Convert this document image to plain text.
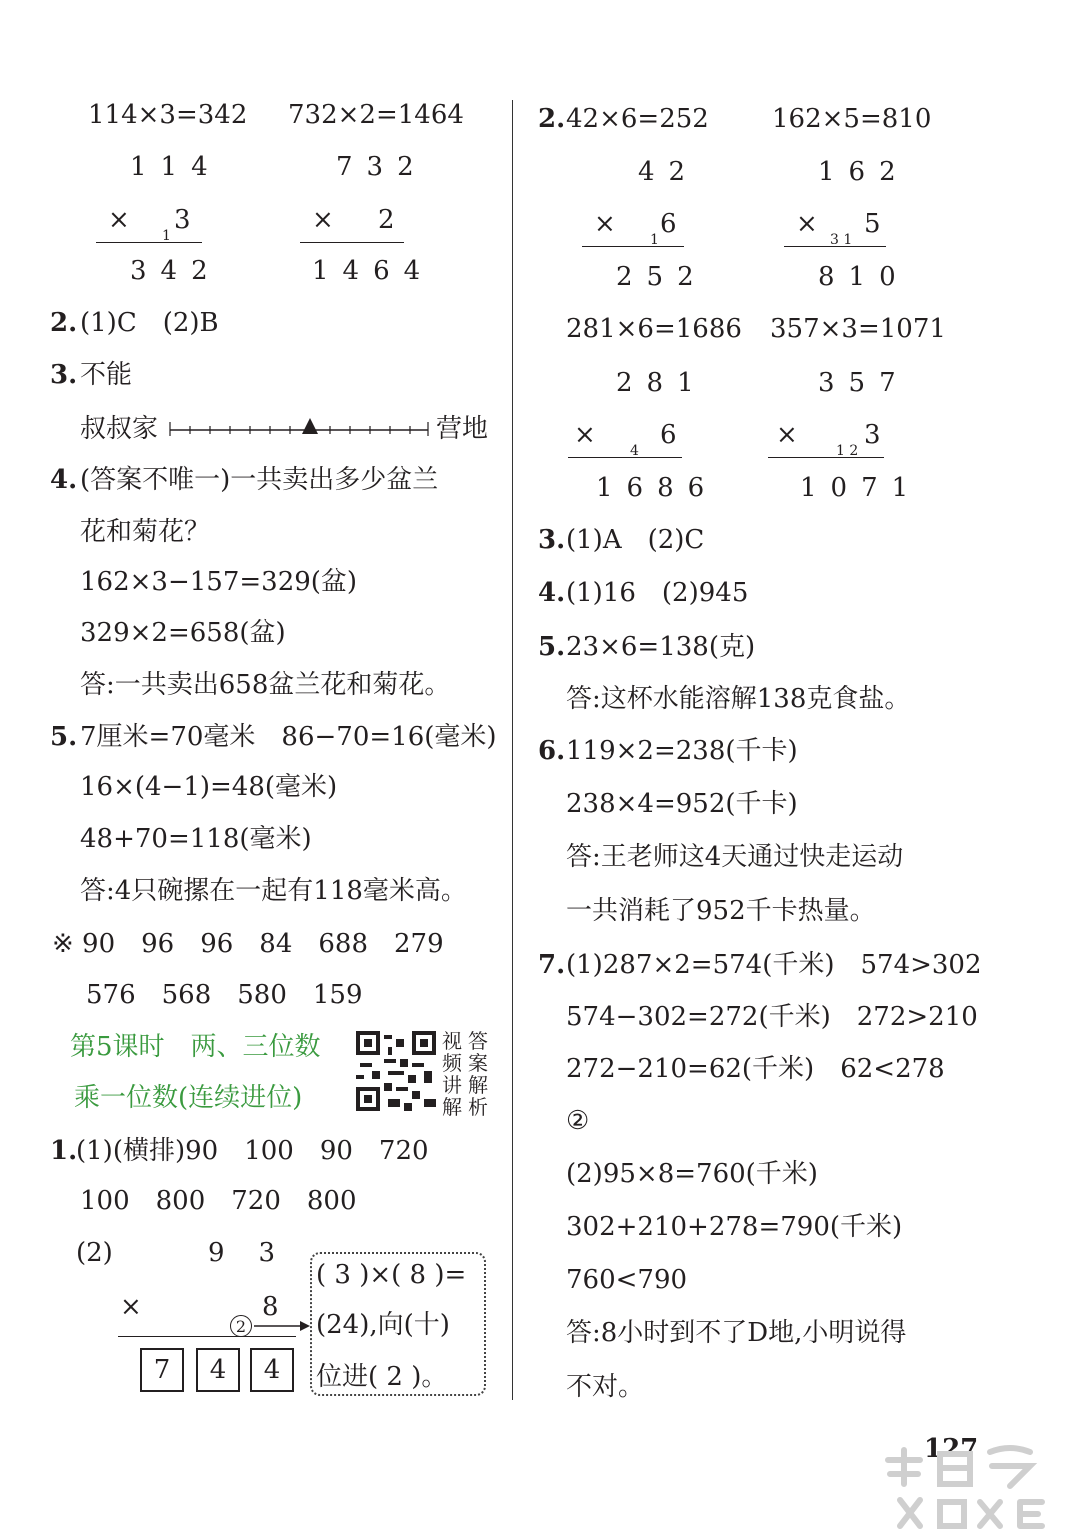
114×3=342
114
×
1
3
342
732×2=1464
732
× 2
1464
2. (1)C　(2)B
3. 不能
叔叔家	营地
4. (答案不唯一)一共卖出多少盆兰
花和菊花？
162×3−157=329(盆)
329×2=658(盆)
答:一共卖出658盆兰花和菊花。
5. 7厘米=70毫米　86−70=16(毫米)
16×(4−1)=48(毫米)
48+70=118(毫米)
答:4只碗摞在一起有118毫米高。
※ 90　96　96　84　688　279
576　568　580　159
第5课时　两、三位数
乘一位数(连续进位)
视频讲解
答案解析
1.
(1)(横排)90　100　90　720
100　800　720　800
(2)	93
×	8
2
7	4	4
( 3 )×( 8 )=
(24),向(十)
位进( 2 )。
2. 42×6=252
42
×
1
6
252
162×5=810
162
×
3 1
5
810
281×6=1686
281
×
4
6
1686
357×3=1071
357
×
1 2
3
1071
3. (1)A　(2)C
4. (1)16　(2)945
5. 23×6=138(克)
答:这杯水能溶解138克食盐。
6. 119×2=238(千卡)
238×4=952(千卡)
答:王老师这4天通过快走运动
一共消耗了952千卡热量。
7. (1)287×2=574(千米)　574>302
574−302=272(千米)　272>210
272−210=62(千米)　62<278
②
(2)95×8=760(千米)
302+210+278=790(千米)
760<790
答:8小时到不了D地,小明说得
不对。
127
